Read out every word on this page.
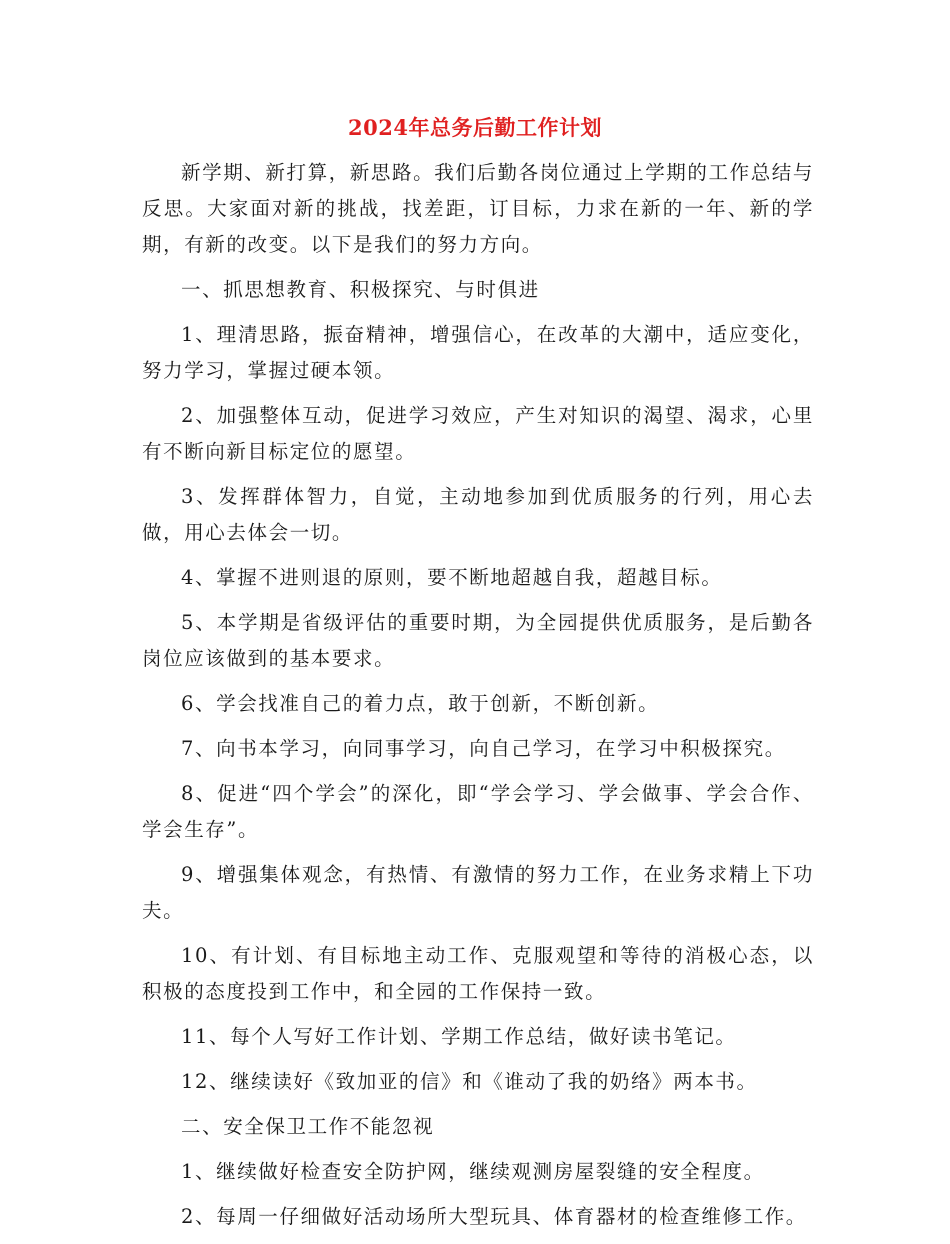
2024年总务后勤工作计划

新学期、新打算，新思路。我们后勤各岗位通过上学期的工作总结与反思。大家面对新的挑战，找差距，订目标，力求在新的一年、新的学期，有新的改变。以下是我们的努力方向。

一、抓思想教育、积极探究、与时俱进

1、理清思路，振奋精神，增强信心，在改革的大潮中，适应变化，努力学习，掌握过硬本领。

2、加强整体互动，促进学习效应，产生对知识的渴望、渴求，心里有不断向新目标定位的愿望。

3、发挥群体智力，自觉，主动地参加到优质服务的行列，用心去做，用心去体会一切。

4、掌握不进则退的原则，要不断地超越自我，超越目标。

5、本学期是省级评估的重要时期，为全园提供优质服务，是后勤各岗位应该做到的基本要求。

6、学会找准自己的着力点，敢于创新，不断创新。

7、向书本学习，向同事学习，向自己学习，在学习中积极探究。

8、促进“四个学会”的深化，即“学会学习、学会做事、学会合作、学会生存”。

9、增强集体观念，有热情、有激情的努力工作，在业务求精上下功夫。

10、有计划、有目标地主动工作、克服观望和等待的消极心态，以积极的态度投到工作中，和全园的工作保持一致。

11、每个人写好工作计划、学期工作总结，做好读书笔记。

12、继续读好《致加亚的信》和《谁动了我的奶络》两本书。

二、安全保卫工作不能忽视

1、继续做好检查安全防护网，继续观测房屋裂缝的安全程度。

2、每周一仔细做好活动场所大型玩具、体育器材的检查维修工作。
